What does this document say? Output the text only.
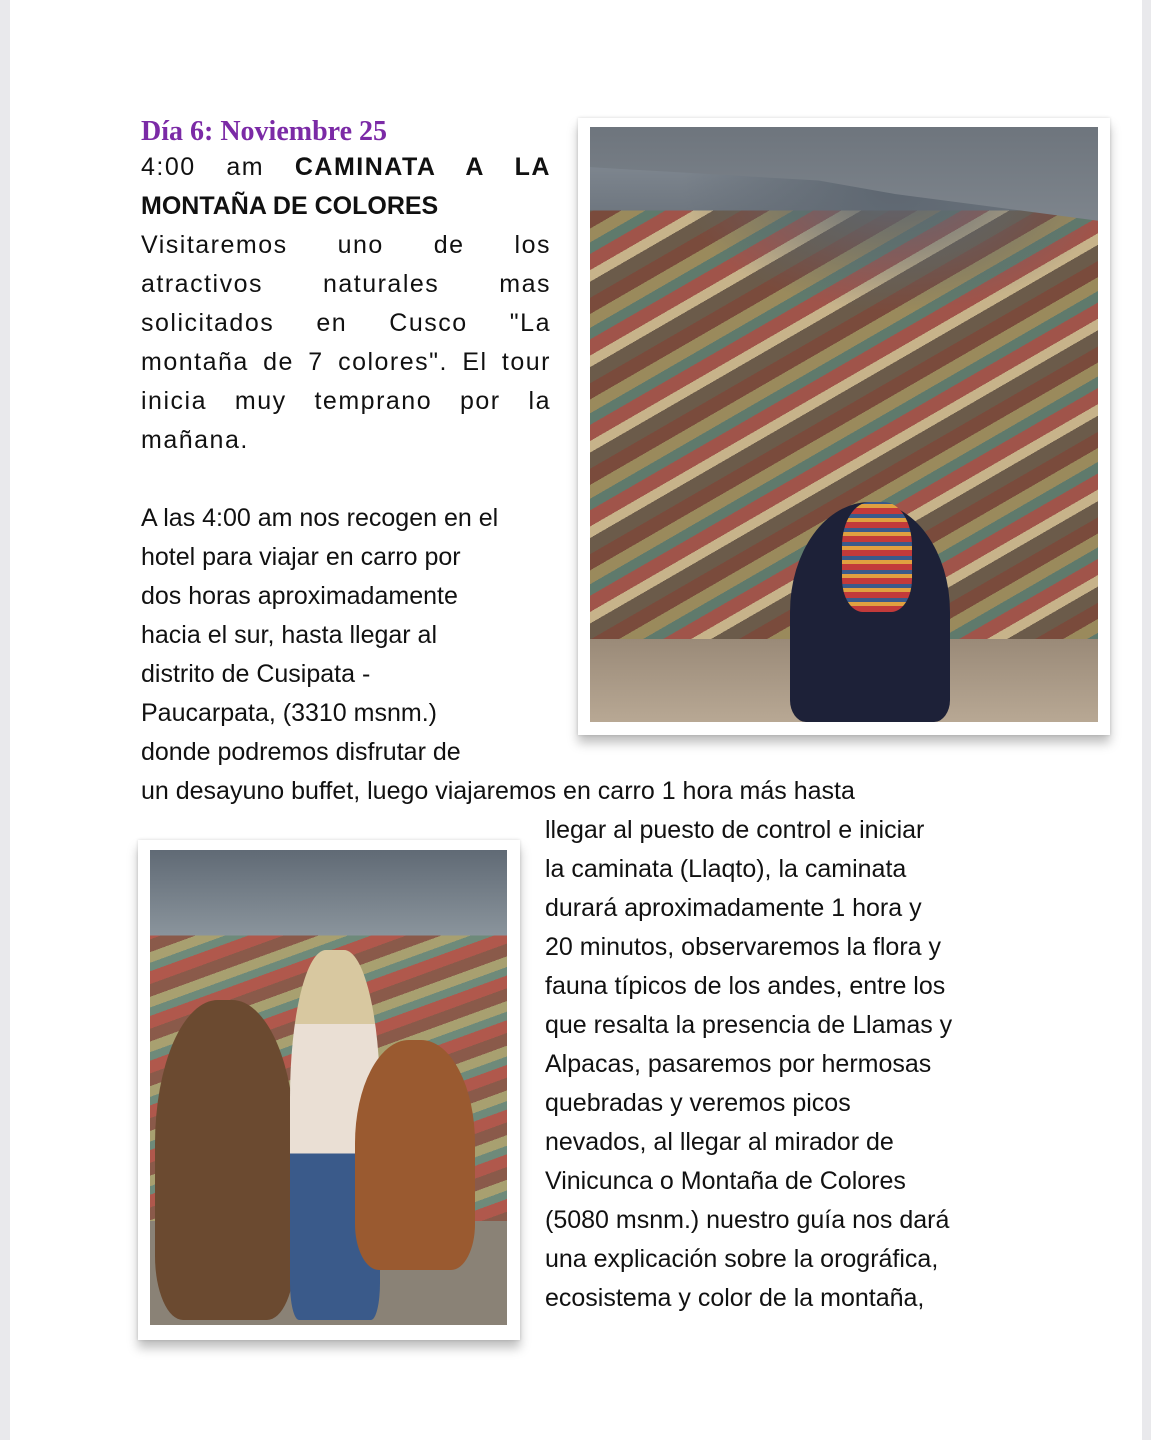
Día 6: Noviembre 25
4:00 am CAMINATA A LA
MONTAÑA DE COLORES
Visitaremos uno de los
atractivos naturales mas
solicitados en Cusco "La
montaña de 7 colores". El tour
inicia muy temprano por la
mañana.
A las 4:00 am nos recogen en el
hotel para viajar en carro por
dos horas aproximadamente
hacia el sur, hasta llegar al
distrito de Cusipata -
Paucarpata, (3310 msnm.)
donde podremos disfrutar de
un desayuno buffet, luego viajaremos en carro 1 hora más hasta
llegar al puesto de control e iniciar
la caminata (Llaqto), la caminata
durará aproximadamente 1 hora y
20 minutos, observaremos la flora y
fauna típicos de los andes, entre los
que resalta la presencia de Llamas y
Alpacas, pasaremos por hermosas
quebradas y veremos picos
nevados, al llegar al mirador de
Vinicunca o Montaña de Colores
(5080 msnm.) nuestro guía nos dará
una explicación sobre la orográfica,
ecosistema y color de la montaña,
